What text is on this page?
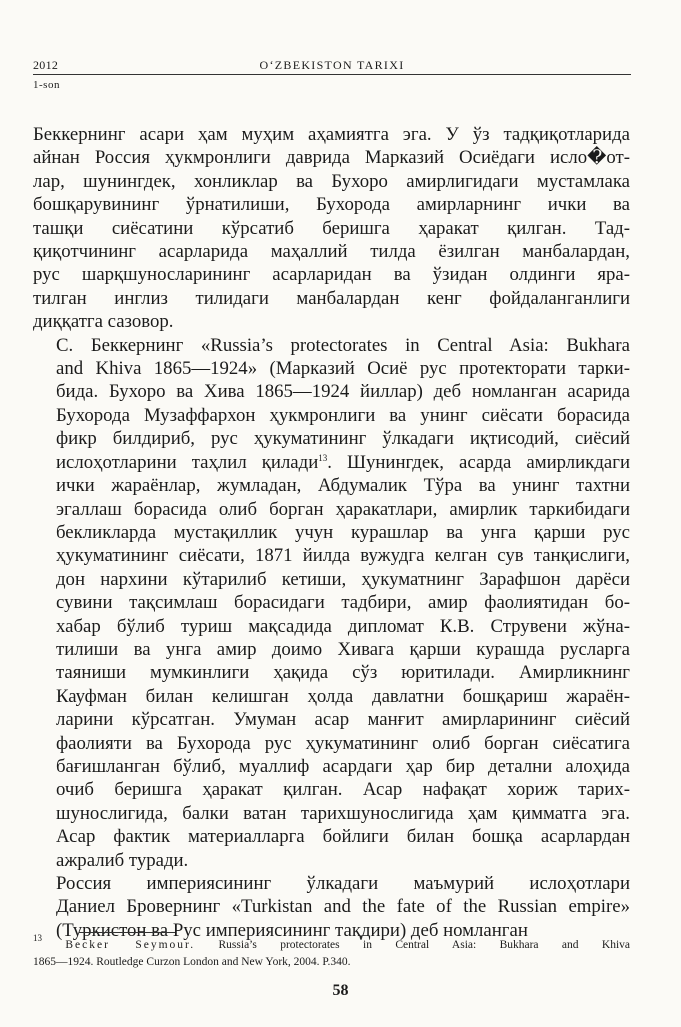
2012	O‘ZBEKISTON TARIXI
1-son

Беккернинг асари ҳам муҳим аҳамиятга эга. У ўз тадқиқотларида
айнан Россия ҳукмронлиги даврида Марказий Осиёдаги исло�от-
лар, шунингдек, хонликлар ва Бухоро амирлигидаги мустамлака
бошқарувининг ўрнатилиши, Бухорода амирларнинг ички ва
ташқи сиёсатини кўрсатиб беришга ҳаракат қилган. Тад-
қиқотчининг асарларида маҳаллий тилда ёзилган манбалардан,
рус шарқшуносларининг асарларидан ва ўзидан олдинги яра-
тилган инглиз тилидаги манбалардан кенг фойдаланганлиги
диққатга сазовор.

С. Беккернинг «Russia’s protectorates in Central Asia: Bukhara
and Khiva 1865—1924» (Марказий Осиё рус протекторати тарки-
бида. Бухоро ва Хива 1865—1924 йиллар) деб номланган асарида
Бухорода Музаффархон ҳукмронлиги ва унинг сиёсати борасида
фикр билдириб, рус ҳукуматининг ўлкадаги иқтисодий, сиёсий
ислоҳотларини таҳлил қилади$^{13}$. Шунингдек, асарда амирликдаги
ички жараёнлар, жумладан, Абдумалик Тўра ва унинг тахтни
эгаллаш борасида олиб борган ҳаракатлари, амирлик таркибидаги
бекликларда мустақиллик учун курашлар ва унга қарши рус
ҳукуматининг сиёсати, 1871 йилда вужудга келган сув танқислиги,
дон нархини кўтарилиб кетиши, ҳукуматнинг Зарафшон дарёси
сувини тақсимлаш борасидаги тадбири, амир фаолиятидан бо-
хабар бўлиб туриш мақсадида дипломат К.В. Струвени жўна-
тилиши ва унга амир доимо Хивага қарши курашда русларга
таяниши мумкинлиги ҳақида сўз юритилади. Амирликнинг
Кауфман билан келишган ҳолда давлатни бошқариш жараён-
ларини кўрсатган. Умуман асар манғит амирларининг сиёсий
фаолияти ва Бухорода рус ҳукуматининг олиб борган сиёсатига
бағишланган бўлиб, муаллиф асардаги ҳар бир детални алоҳида
очиб беришга ҳаракат қилган. Асар нафақат хориж тарих-
шунослигида, балки ватан тарихшунослигида ҳам қимматга эга.
Асар фактик материалларга бойлиги билан бошқа асарлардан
ажралиб туради.

Россия империясининг ўлкадаги маъмурий ислоҳотлари
Даниел Бровернинг «Turkistan and the fate of the Russian empire»
(Туркистон ва Рус империясининг тақдири) деб номланган

$^{13}$ Becker Seymour. Russia’s protectorates in Central Asia: Bukhara and Khiva
1865—1924. Routledge Curzon London and New York, 2004. P.340.
58
